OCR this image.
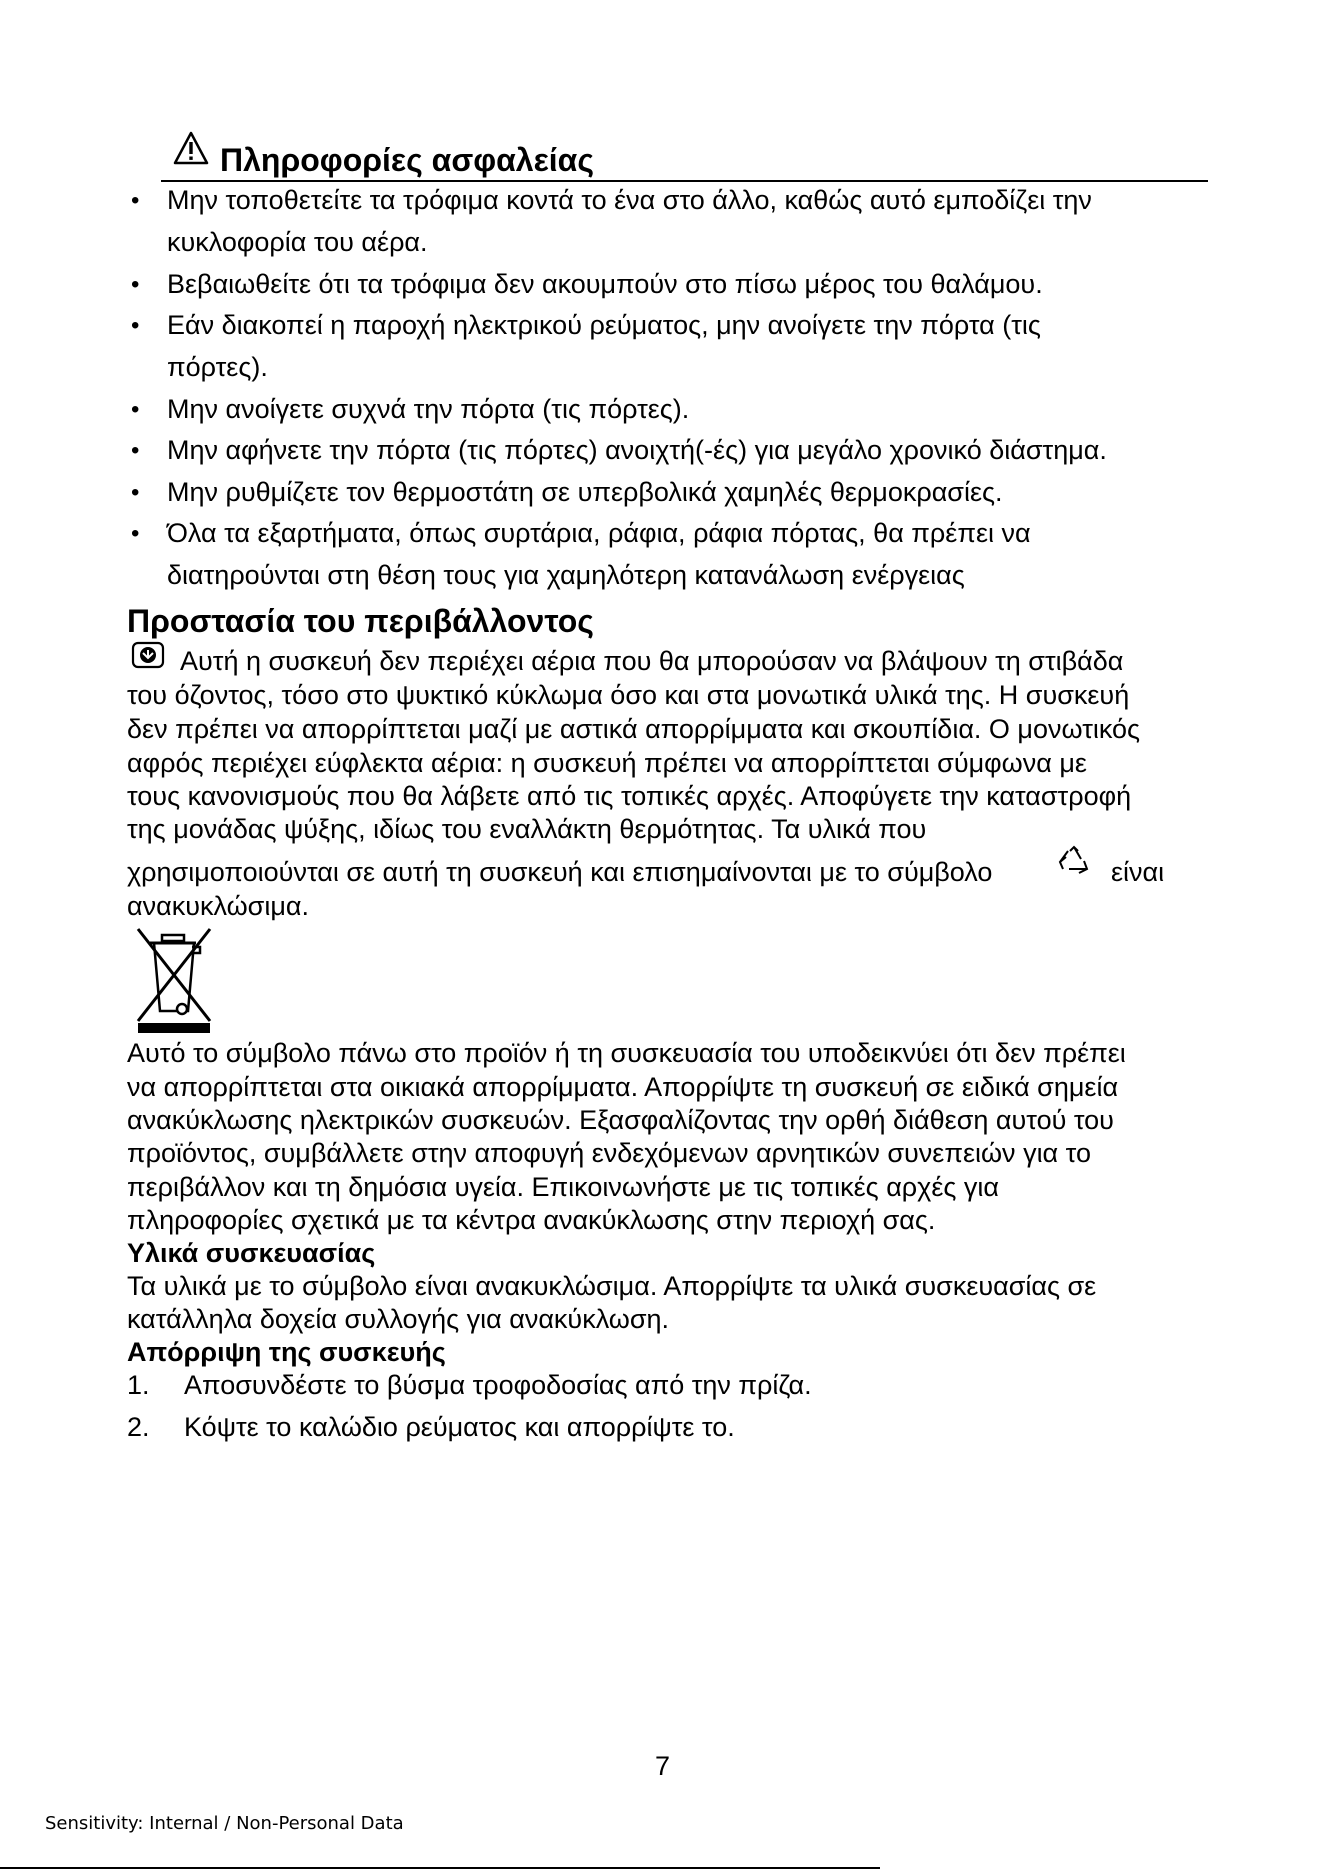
Πληροφορίες ασφαλείας
• Μην τοποθετείτε τα τρόφιμα κοντά το ένα στο άλλο, καθώς αυτό εμποδίζει την
κυκλοφορία του αέρα.
• Βεβαιωθείτε ότι τα τρόφιμα δεν ακουμπούν στο πίσω μέρος του θαλάμου.
• Εάν διακοπεί η παροχή ηλεκτρικού ρεύματος, μην ανοίγετε την πόρτα (τις
πόρτες).
• Μην ανοίγετε συχνά την πόρτα (τις πόρτες).
• Μην αφήνετε την πόρτα (τις πόρτες) ανοιχτή(-ές) για μεγάλο χρονικό διάστημα.
• Μην ρυθμίζετε τον θερμοστάτη σε υπερβολικά χαμηλές θερμοκρασίες.
• Όλα τα εξαρτήματα, όπως συρτάρια, ράφια, ράφια πόρτας, θα πρέπει να
διατηρούνται στη θέση τους για χαμηλότερη κατανάλωση ενέργειας
Προστασία του περιβάλλοντος
Αυτή η συσκευή δεν περιέχει αέρια που θα μπορούσαν να βλάψουν τη στιβάδα
του όζοντος, τόσο στο ψυκτικό κύκλωμα όσο και στα μονωτικά υλικά της. Η συσκευή
δεν πρέπει να απορρίπτεται μαζί με αστικά απορρίμματα και σκουπίδια. Ο μονωτικός
αφρός περιέχει εύφλεκτα αέρια: η συσκευή πρέπει να απορρίπτεται σύμφωνα με
τους κανονισμούς που θα λάβετε από τις τοπικές αρχές. Αποφύγετε την καταστροφή
της μονάδας ψύξης, ιδίως του εναλλάκτη θερμότητας. Τα υλικά που
χρησιμοποιούνται σε αυτή τη συσκευή και επισημαίνονται με το σύμβολο	είναι
ανακυκλώσιμα.
Αυτό το σύμβολο πάνω στο προϊόν ή τη συσκευασία του υποδεικνύει ότι δεν πρέπει
να απορρίπτεται στα οικιακά απορρίμματα. Απορρίψτε τη συσκευή σε ειδικά σημεία
ανακύκλωσης ηλεκτρικών συσκευών. Εξασφαλίζοντας την ορθή διάθεση αυτού του
προϊόντος, συμβάλλετε στην αποφυγή ενδεχόμενων αρνητικών συνεπειών για το
περιβάλλον και τη δημόσια υγεία. Επικοινωνήστε με τις τοπικές αρχές για
πληροφορίες σχετικά με τα κέντρα ανακύκλωσης στην περιοχή σας.
Υλικά συσκευασίας
Τα υλικά με το σύμβολο είναι ανακυκλώσιμα. Απορρίψτε τα υλικά συσκευασίας σε
κατάλληλα δοχεία συλλογής για ανακύκλωση.
Απόρριψη της συσκευής
1. Αποσυνδέστε το βύσμα τροφοδοσίας από την πρίζα.
2. Κόψτε το καλώδιο ρεύματος και απορρίψτε το.
7
Sensitivity: Internal / Non-Personal Data
